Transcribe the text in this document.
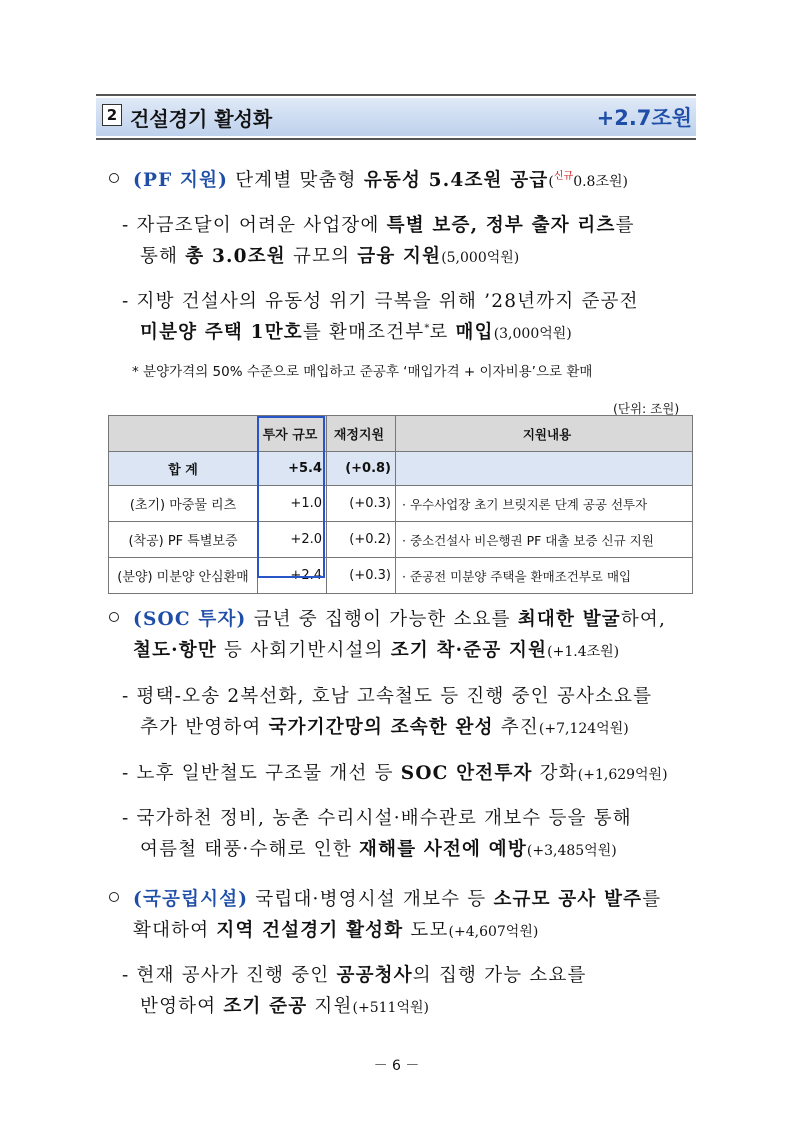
2 건설경기 활성화	+2.7조원
(PF 지원) 단계별 맞춤형 유동성 5.4조원 공급($^{신규}$0.8조원)
- 자금조달이 어려운 사업장에 특별 보증, 정부 출자 리츠를
통해 총 3.0조원 규모의 금융 지원(5,000억원)
- 지방 건설사의 유동성 위기 극복을 위해 ’28년까지 준공전
미분양 주택 1만호를 환매조건부*로 매입(3,000억원)
* 분양가격의 50% 수준으로 매입하고 준공후 ‘매입가격 + 이자비용’으로 환매
(단위: 조원)
	투자 규모	재정지원	지원내용
합 계	+5.4	(+0.8)	
(초기) 마중물 리츠	+1.0	(+0.3)	· 우수사업장 초기 브릿지론 단계 공공 선투자
(착공) PF 특별보증	+2.0	(+0.2)	· 중소건설사 비은행권 PF 대출 보증 신규 지원
(분양) 미분양 안심환매	+2.4	(+0.3)	· 준공전 미분양 주택을 환매조건부로 매입
(SOC 투자) 금년 중 집행이 가능한 소요를 최대한 발굴하여,
철도·항만 등 사회기반시설의 조기 착·준공 지원(+1.4조원)
- 평택-오송 2복선화, 호남 고속철도 등 진행 중인 공사소요를
추가 반영하여 국가기간망의 조속한 완성 추진(+7,124억원)
- 노후 일반철도 구조물 개선 등 SOC 안전투자 강화(+1,629억원)
- 국가하천 정비, 농촌 수리시설·배수관로 개보수 등을 통해
여름철 태풍·수해로 인한 재해를 사전에 예방(+3,485억원)
(국공립시설) 국립대·병영시설 개보수 등 소규모 공사 발주를
확대하여 지역 건설경기 활성화 도모(+4,607억원)
- 현재 공사가 진행 중인 공공청사의 집행 가능 소요를
반영하여 조기 준공 지원(+511억원)
－ 6 －
